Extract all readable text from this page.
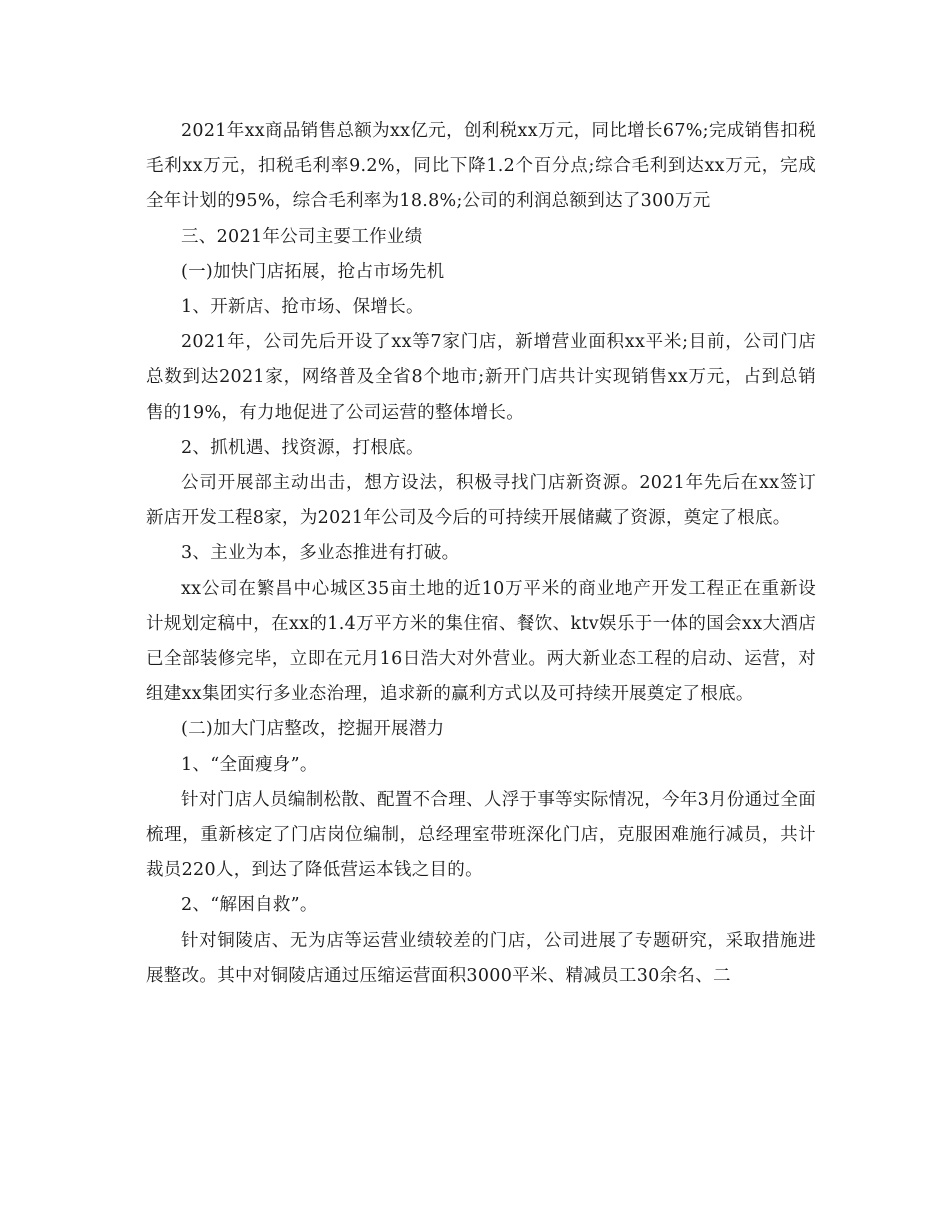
2021年xx商品销售总额为xx亿元，创利税xx万元，同比增长67%;完成销售扣税毛利xx万元，扣税毛利率9.2%，同比下降1.2个百分点;综合毛利到达xx万元，完成全年计划的95%，综合毛利率为18.8%;公司的利润总额到达了300万元

三、2021年公司主要工作业绩

(一)加快门店拓展，抢占市场先机

1、开新店、抢市场、保增长。

2021年，公司先后开设了xx等7家门店，新增营业面积xx平米;目前，公司门店总数到达2021家，网络普及全省8个地市;新开门店共计实现销售xx万元，占到总销售的19%，有力地促进了公司运营的整体增长。

2、抓机遇、找资源，打根底。

公司开展部主动出击，想方设法，积极寻找门店新资源。2021年先后在xx签订新店开发工程8家，为2021年公司及今后的可持续开展储藏了资源，奠定了根底。

3、主业为本，多业态推进有打破。

xx公司在繁昌中心城区35亩土地的近10万平米的商业地产开发工程正在重新设计规划定稿中，在xx的1.4万平方米的集住宿、餐饮、ktv娱乐于一体的国会xx大酒店已全部装修完毕，立即在元月16日浩大对外营业。两大新业态工程的启动、运营，对组建xx集团实行多业态治理，追求新的赢利方式以及可持续开展奠定了根底。

(二)加大门店整改，挖掘开展潜力

1、“全面瘦身”。

针对门店人员编制松散、配置不合理、人浮于事等实际情况，今年3月份通过全面梳理，重新核定了门店岗位编制，总经理室带班深化门店，克服困难施行减员，共计裁员220人，到达了降低营运本钱之目的。

2、“解困自救”。

针对铜陵店、无为店等运营业绩较差的门店，公司进展了专题研究，采取措施进展整改。其中对铜陵店通过压缩运营面积3000平米、精减员工30余名、二
